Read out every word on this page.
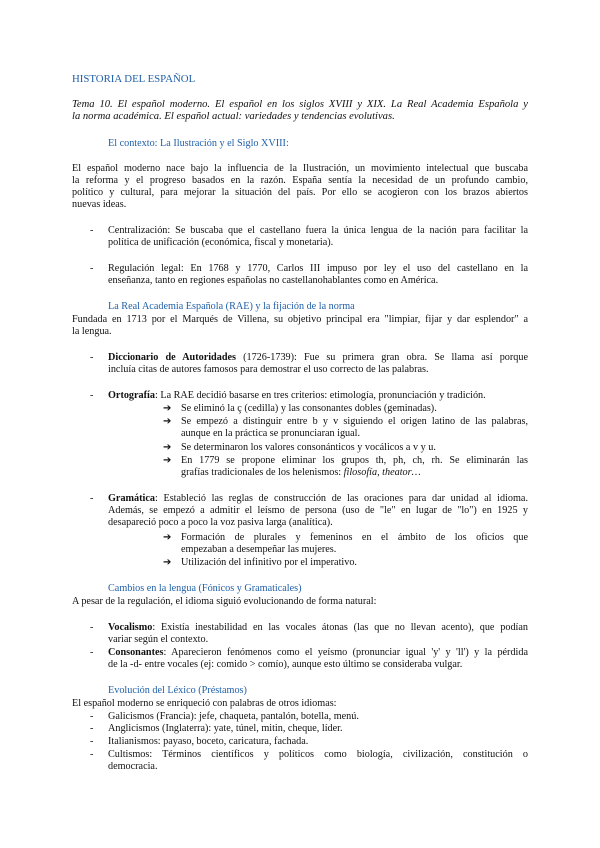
HISTORIA DEL ESPAÑOL
Tema 10. El español moderno. El español en los siglos XVIII y XIX. La Real Academia Española y
la norma académica. El español actual: variedades y tendencias evolutivas.
El contexto: La Ilustración y el Siglo XVIII:
El español moderno nace bajo la influencia de la Ilustración, un movimiento intelectual que buscaba
la reforma y el progreso basados en la razón. España sentía la necesidad de un profundo cambio,
político y cultural, para mejorar la situación del país. Por ello se acogieron con los brazos abiertos
nuevas ideas.
- Centralización: Se buscaba que el castellano fuera la única lengua de la nación para facilitar la
política de unificación (económica, fiscal y monetaria).
- Regulación legal: En 1768 y 1770, Carlos III impuso por ley el uso del castellano en la
enseñanza, tanto en regiones españolas no castellanohablantes como en América.
La Real Academia Española (RAE) y la fijación de la norma
Fundada en 1713 por el Marqués de Villena, su objetivo principal era "limpiar, fijar y dar esplendor" a
la lengua.
- Diccionario de Autoridades (1726-1739): Fue su primera gran obra. Se llama así porque
incluía citas de autores famosos para demostrar el uso correcto de las palabras.
- Ortografía: La RAE decidió basarse en tres criterios: etimología, pronunciación y tradición.
➔ Se eliminó la ç (cedilla) y las consonantes dobles (geminadas).
➔ Se empezó a distinguir entre b y v siguiendo el origen latino de las palabras,
aunque en la práctica se pronunciaran igual.
➔ Se determinaron los valores consonánticos y vocálicos a v y u.
➔ En 1779 se propone eliminar los grupos th, ph, ch, rh. Se eliminarán las
grafías tradicionales de los helenismos: filosofía, theator…
- Gramática: Estableció las reglas de construcción de las oraciones para dar unidad al idioma.
Además, se empezó a admitir el leísmo de persona (uso de "le" en lugar de "lo") en 1925 y
desapareció poco a poco la voz pasiva larga (analítica).
➔ Formación de plurales y femeninos en el ámbito de los oficios que
empezaban a desempeñar las mujeres.
➔ Utilización del infinitivo por el imperativo.
Cambios en la lengua (Fónicos y Gramaticales)
A pesar de la regulación, el idioma siguió evolucionando de forma natural:
- Vocalismo: Existía inestabilidad en las vocales átonas (las que no llevan acento), que podían
variar según el contexto.
- Consonantes: Aparecieron fenómenos como el yeísmo (pronunciar igual 'y' y 'll') y la pérdida
de la -d- entre vocales (ej: comido > comío), aunque esto último se consideraba vulgar.
Evolución del Léxico (Préstamos)
El español moderno se enriqueció con palabras de otros idiomas:
- Galicismos (Francia): jefe, chaqueta, pantalón, botella, menú.
- Anglicismos (Inglaterra): yate, túnel, mitin, cheque, líder.
- Italianismos: payaso, boceto, caricatura, fachada.
- Cultismos: Términos científicos y políticos como biología, civilización, constitución o
democracia.
